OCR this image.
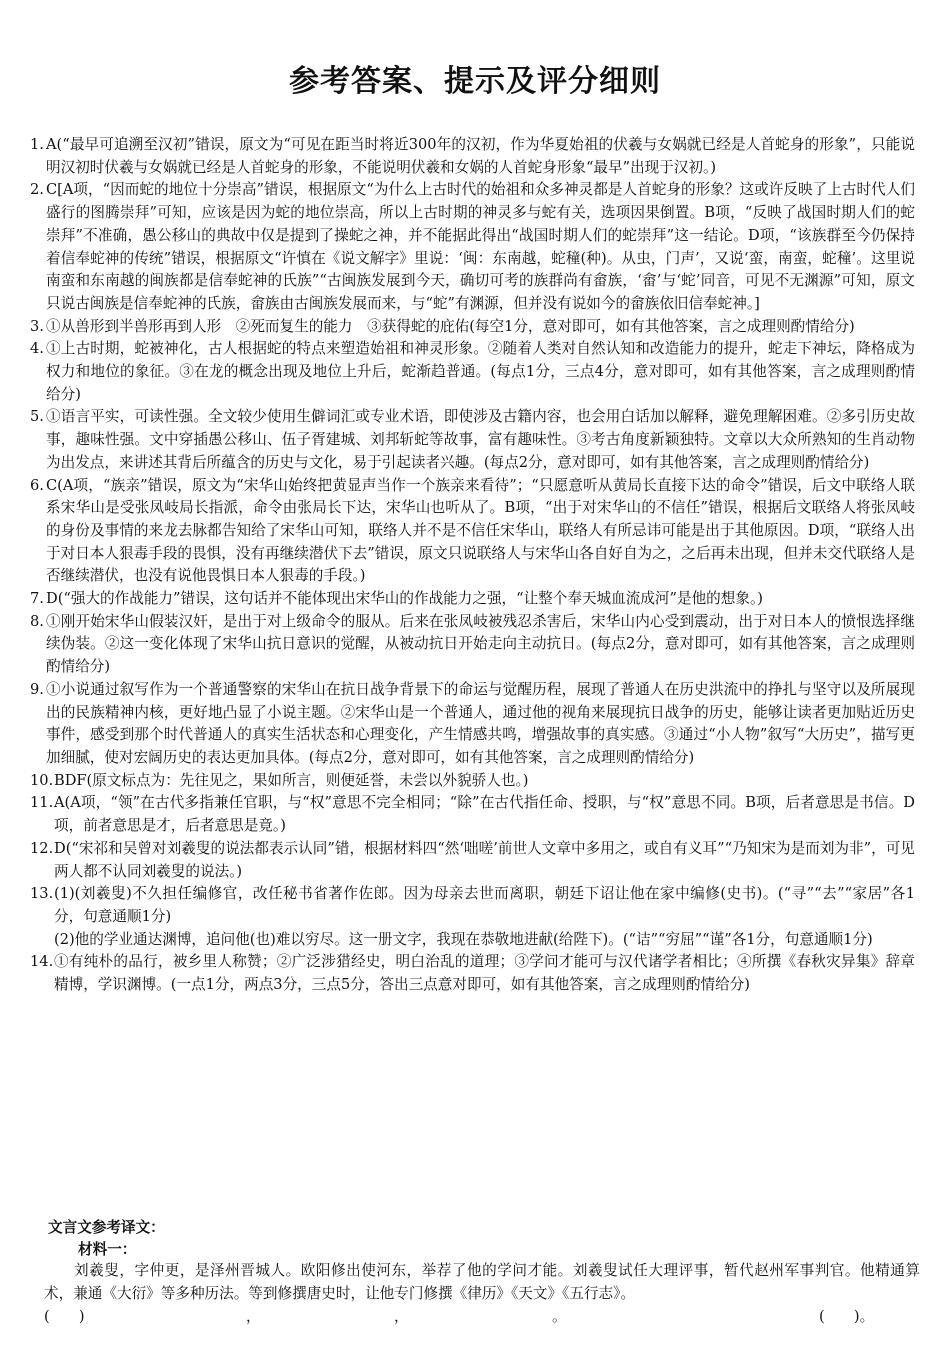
参考答案、提示及评分细则
1. A(“最早可追溯至汉初”错误，原文为“可见在距当时将近300年的汉初，作为华夏始祖的伏羲与女娲就已经是人首蛇身的形象”，只能说明汉初时伏羲与女娲就已经是人首蛇身的形象，不能说明伏羲和女娲的人首蛇身形象“最早”出现于汉初。)

2. C[A项，“因而蛇的地位十分崇高”错误，根据原文“为什么上古时代的始祖和众多神灵都是人首蛇身的形象？这或许反映了上古时代人们盛行的图腾崇拜”可知，应该是因为蛇的地位崇高，所以上古时期的神灵多与蛇有关，选项因果倒置。B项，“反映了战国时期人们的蛇崇拜”不准确，愚公移山的典故中仅是提到了操蛇之神，并不能据此得出“战国时期人们的蛇崇拜”这一结论。D项，“该族群至今仍保持着信奉蛇神的传统”错误，根据原文“许慎在《说文解字》里说：‘闽：东南越，蛇穜(种)。从虫，门声’，又说‘蛮，南蛮，蛇穜’。这里说南蛮和东南越的闽族都是信奉蛇神的氏族”“古闽族发展到今天，确切可考的族群尚有畲族，‘畲’与‘蛇’同音，可见不无渊源”可知，原文只说古闽族是信奉蛇神的氏族，畲族由古闽族发展而来，与“蛇”有渊源，但并没有说如今的畲族依旧信奉蛇神。]

3. ①从兽形到半兽形再到人形　②死而复生的能力　③获得蛇的庇佑(每空1分，意对即可，如有其他答案，言之成理则酌情给分)

4. ①上古时期，蛇被神化，古人根据蛇的特点来塑造始祖和神灵形象。②随着人类对自然认知和改造能力的提升，蛇走下神坛，降格成为权力和地位的象征。③在龙的概念出现及地位上升后，蛇渐趋普通。(每点1分，三点4分，意对即可，如有其他答案，言之成理则酌情给分)

5. ①语言平实，可读性强。全文较少使用生僻词汇或专业术语，即使涉及古籍内容，也会用白话加以解释，避免理解困难。②多引历史故事，趣味性强。文中穿插愚公移山、伍子胥建城、刘邦斩蛇等故事，富有趣味性。③考古角度新颖独特。文章以大众所熟知的生肖动物为出发点，来讲述其背后所蕴含的历史与文化，易于引起读者兴趣。(每点2分，意对即可，如有其他答案，言之成理则酌情给分)

6. C(A项，“族亲”错误，原文为“宋华山始终把黄显声当作一个族亲来看待”；“只愿意听从黄局长直接下达的命令”错误，后文中联络人联系宋华山是受张凤岐局长指派，命令由张局长下达，宋华山也听从了。B项，“出于对宋华山的不信任”错误，根据后文联络人将张凤岐的身份及事情的来龙去脉都告知给了宋华山可知，联络人并不是不信任宋华山，联络人有所忌讳可能是出于其他原因。D项，“联络人出于对日本人狠毒手段的畏惧，没有再继续潜伏下去”错误，原文只说联络人与宋华山各自好自为之，之后再未出现，但并未交代联络人是否继续潜伏，也没有说他畏惧日本人狠毒的手段。)

7. D(“强大的作战能力”错误，这句话并不能体现出宋华山的作战能力之强，“让整个奉天城血流成河”是他的想象。)

8. ①刚开始宋华山假装汉奸，是出于对上级命令的服从。后来在张凤岐被残忍杀害后，宋华山内心受到震动，出于对日本人的愤恨选择继续伪装。②这一变化体现了宋华山抗日意识的觉醒，从被动抗日开始走向主动抗日。(每点2分，意对即可，如有其他答案，言之成理则酌情给分)

9. ①小说通过叙写作为一个普通警察的宋华山在抗日战争背景下的命运与觉醒历程，展现了普通人在历史洪流中的挣扎与坚守以及所展现出的民族精神内核，更好地凸显了小说主题。②宋华山是一个普通人，通过他的视角来展现抗日战争的历史，能够让读者更加贴近历史事件，感受到那个时代普通人的真实生活状态和心理变化，产生情感共鸣，增强故事的真实感。③通过“小人物”叙写“大历史”，描写更加细腻，使对宏阔历史的表达更加具体。(每点2分，意对即可，如有其他答案，言之成理则酌情给分)

10. BDF(原文标点为：先往见之，果如所言，则便延誉，未尝以外貌骄人也。)

11. A(A项，“领”在古代多指兼任官职，与“权”意思不完全相同；“除”在古代指任命、授职，与“权”意思不同。B项，后者意思是书信。D项，前者意思是才，后者意思是竟。)

12. D(“宋祁和吴曾对刘羲叟的说法都表示认同”错，根据材料四“然‘咄嗟’前世人文章中多用之，或自有义耳”“乃知宋为是而刘为非”，可见两人都不认同刘羲叟的说法。)

13. (1)(刘羲叟)不久担任编修官，改任秘书省著作佐郎。因为母亲去世而离职，朝廷下诏让他在家中编修(史书)。(“寻”“去”“家居”各1分，句意通顺1分)

(2)他的学业通达渊博，追问他(也)难以穷尽。这一册文字，我现在恭敬地进献(给陛下)。(“诘”“穷屈”“谨”各1分，句意通顺1分)

14. ①有纯朴的品行，被乡里人称赞；②广泛涉猎经史，明白治乱的道理；③学问才能可与汉代诸学者相比；④所撰《春秋灾异集》辞章精博，学识渊博。(一点1分，两点3分，三点5分，答出三点意对即可，如有其他答案，言之成理则酌情给分)

文言文参考译文：
材料一：
刘羲叟，字仲更，是泽州晋城人。欧阳修出使河东，举荐了他的学问才能。刘羲叟试任大理评事，暂代赵州军事判官。他精通算术，兼通《大衍》等多种历法。等到修撰唐史时，让他专门修撰《律历》《天文》《五行志》。
(　　)	，	，	。	(　　)。
